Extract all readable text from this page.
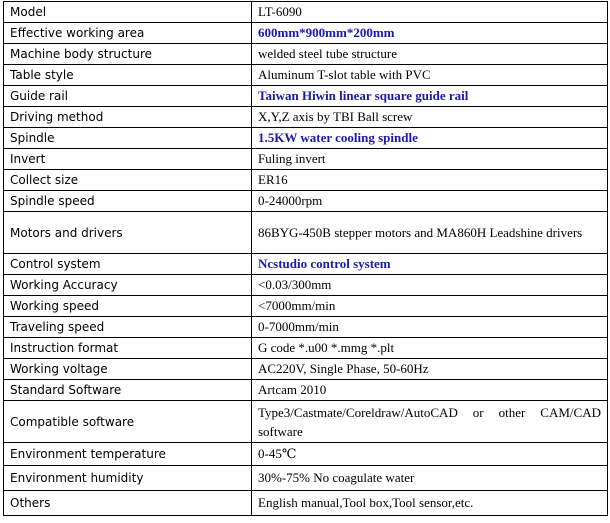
Model	LT-6090
Effective working area	600mm*900mm*200mm
Machine body structure	welded steel tube structure
Table style	Aluminum T-slot table with PVC
Guide rail	Taiwan Hiwin linear square guide rail
Driving method	X,Y,Z axis by TBI Ball screw
Spindle	1.5KW water cooling spindle
Invert	Fuling invert
Collect size	ER16
Spindle speed	0-24000rpm
Motors and drivers	86BYG-450B stepper motors and MA860H Leadshine drivers
Control system	Ncstudio control system
Working Accuracy	<0.03/300mm
Working speed	<7000mm/min
Traveling speed	0-7000mm/min
Instruction format	G code *.u00 *.mmg *.plt
Working voltage	AC220V, Single Phase, 50-60Hz
Standard Software	Artcam 2010
Compatible software	Type3/Castmate/Coreldraw/AutoCAD or other CAM/CAD software
Environment temperature	0-45℃
Environment humidity	30%-75% No coagulate water
Others	English manual,Tool box,Tool sensor,etc.
